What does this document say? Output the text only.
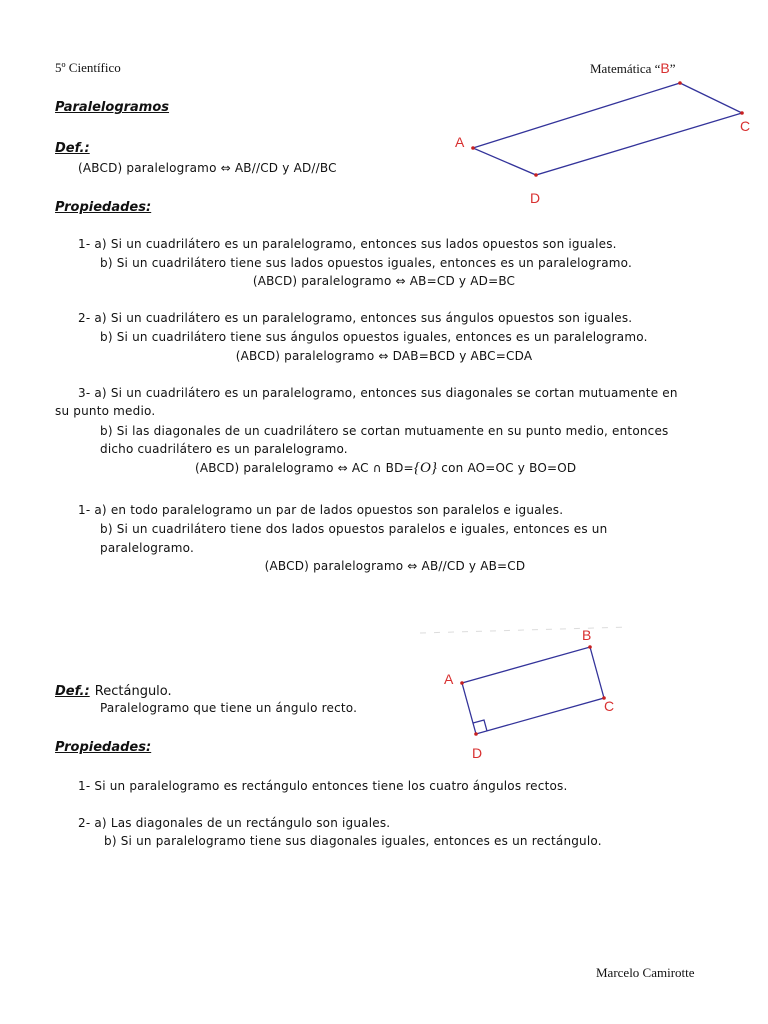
5º Científico	Matemática “B”
A
C
D
Paralelogramos
Def.:
(ABCD) paralelogramo ⇔ AB//CD y AD//BC
Propiedades:
1- a) Si un cuadrilátero es un paralelogramo, entonces sus lados opuestos son iguales.
b) Si un cuadrilátero tiene sus lados opuestos iguales, entonces es un paralelogramo.
(ABCD) paralelogramo ⇔ AB=CD y AD=BC
2- a) Si un cuadrilátero es un paralelogramo, entonces sus ángulos opuestos son iguales.
b) Si un cuadrilátero tiene sus ángulos opuestos iguales, entonces es un paralelogramo.
(ABCD) paralelogramo ⇔ DAB=BCD y ABC=CDA
3- a) Si un cuadrilátero es un paralelogramo, entonces sus diagonales se cortan mutuamente en
su punto medio.
b) Si las diagonales de un cuadrilátero se cortan mutuamente en su punto medio, entonces
dicho cuadrilátero es un paralelogramo.
(ABCD) paralelogramo ⇔ AC ∩ BD={O} con AO=OC y BO=OD
1- a) en todo paralelogramo un par de lados opuestos son paralelos e iguales.
b) Si un cuadrilátero tiene dos lados opuestos paralelos e iguales, entonces es un
paralelogramo.
(ABCD) paralelogramo ⇔ AB//CD y AB=CD
A
B
C
D
Def.: Rectángulo.
Paralelogramo que tiene un ángulo recto.
Propiedades:
1- Si un paralelogramo es rectángulo entonces tiene los cuatro ángulos rectos.
2- a) Las diagonales de un rectángulo son iguales.
b) Si un paralelogramo tiene sus diagonales iguales, entonces es un rectángulo.
Marcelo Camirotte
